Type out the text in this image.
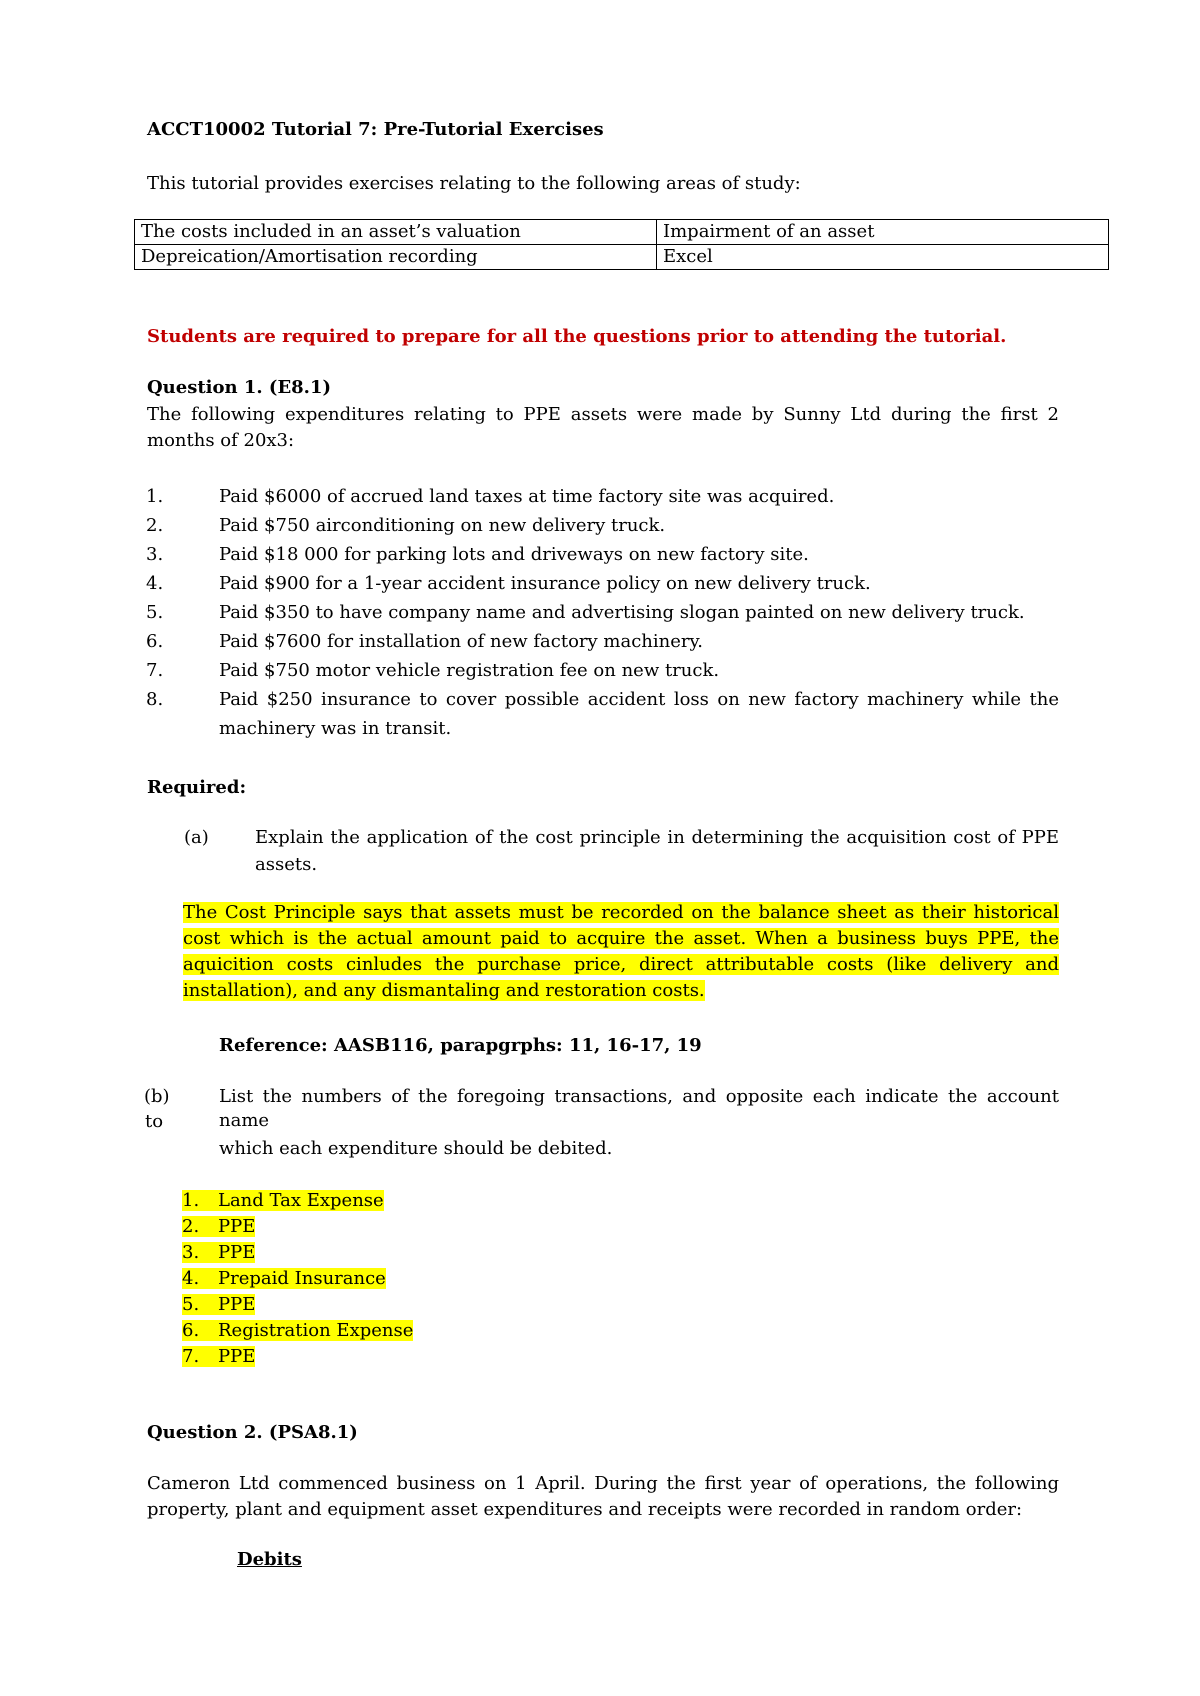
ACCT10002 Tutorial 7: Pre-Tutorial Exercises
This tutorial provides exercises relating to the following areas of study:
The costs included in an asset’s valuation	Impairment of an asset
Depreication/Amortisation recording	Excel
Students are required to prepare for all the questions prior to attending the tutorial.
Question 1. (E8.1)
The following expenditures relating to PPE assets were made by Sunny Ltd during the first 2 months of 20x3:
1.	Paid $6000 of accrued land taxes at time factory site was acquired.
2.	Paid $750 airconditioning on new delivery truck.
3.	Paid $18 000 for parking lots and driveways on new factory site.
4.	Paid $900 for a 1-year accident insurance policy on new delivery truck.
5.	Paid $350 to have company name and advertising slogan painted on new delivery truck.
6.	Paid $7600 for installation of new factory machinery.
7.	Paid $750 motor vehicle registration fee on new truck.
8.	Paid $250 insurance to cover possible accident loss on new factory machinery while the machinery was in transit.
Required:
(a)	Explain the application of the cost principle in determining the acquisition cost of PPE assets.
The Cost Principle says that assets must be recorded on the balance sheet as their historical cost which is the actual amount paid to acquire the asset. When a business buys PPE, the aquicition costs cinludes the purchase price, direct attributable costs (like delivery and installation), and any dismantaling and restoration costs.
Reference: AASB116, parapgrphs: 11, 16-17, 19
(b)
to
List the numbers of the foregoing transactions, and opposite each indicate the account name
which each expenditure should be debited.
1. Land Tax Expense
2. PPE
3. PPE
4. Prepaid Insurance
5. PPE
6. Registration Expense
7. PPE
Question 2. (PSA8.1)
Cameron Ltd commenced business on 1 April. During the first year of operations, the following property, plant and equipment asset expenditures and receipts were recorded in random order:
Debits
